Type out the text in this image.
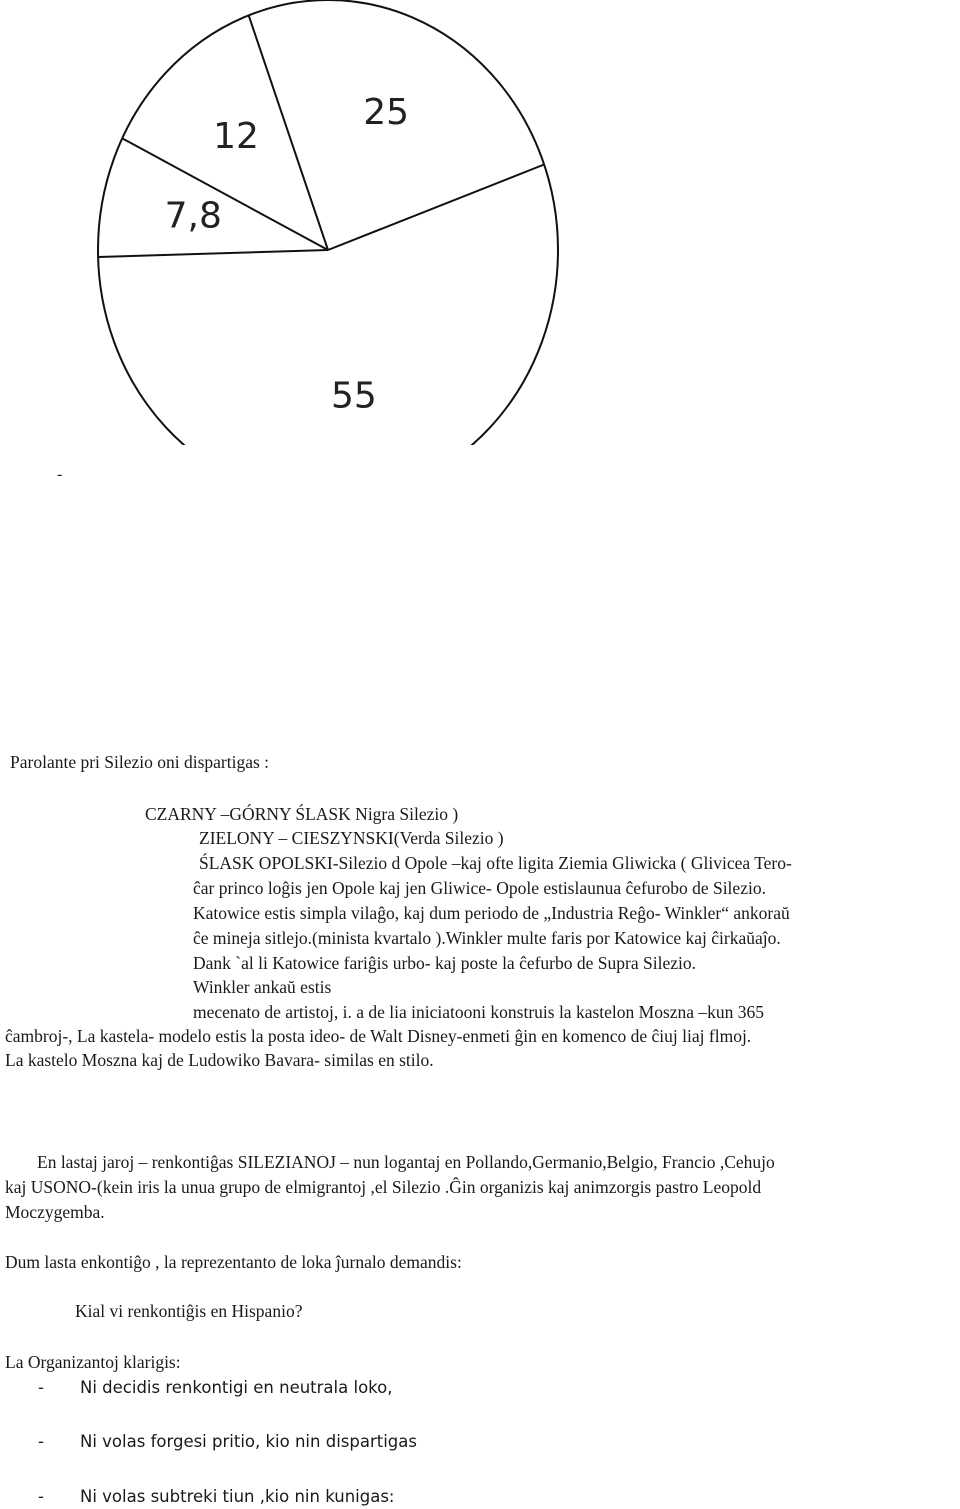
55
7,8
12
25
-
Parolante pri Silezio oni dispartigas :
CZARNY –GÓRNY ŚLASK Nigra Silezio )
ZIELONY – CIESZYNSKI(Verda Silezio )
ŚLASK OPOLSKI-Silezio d Opole –kaj ofte ligita Ziemia Gliwicka ( Glivicea Tero-
ĉar princo loĝis jen Opole kaj jen Gliwice- Opole estislaunua ĉefurobo de Silezio.
Katowice estis simpla vilaĝo, kaj dum periodo de „Industria Reĝo- Winkler“ ankoraŭ
ĉe mineja sitlejo.(minista kvartalo ).Winkler multe faris por Katowice kaj ĉirkaŭaĵo.
Dank `al li Katowice fariĝis urbo- kaj poste la ĉefurbo de Supra Silezio.
Winkler ankaŭ estis
mecenato de artistoj, i. a de lia iniciatooni konstruis la kastelon Moszna –kun 365
ĉambroj-, La kastela- modelo estis la posta ideo- de Walt Disney-enmeti ĝin en komenco de ĉiuj liaj flmoj.
La kastelo Moszna kaj de Ludowiko Bavara- similas en stilo.
En lastaj jaroj – renkontiĝas SILEZIANOJ – nun logantaj en Pollando,Germanio,Belgio, Francio ,Cehujo
kaj USONO-(kein iris la unua grupo de elmigrantoj ,el Silezio .Ĝin organizis kaj animzorgis pastro Leopold
Moczygemba.
Dum lasta enkontiĝo , la reprezentanto de loka ĵurnalo demandis:
Kial vi renkontiĝis en Hispanio?
La Organizantoj klarigis:
- Ni decidis renkontigi en neutrala loko,
- Ni volas forgesi pritio, kio nin dispartigas
- Ni volas subtreki tiun ,kio nin kunigas:
